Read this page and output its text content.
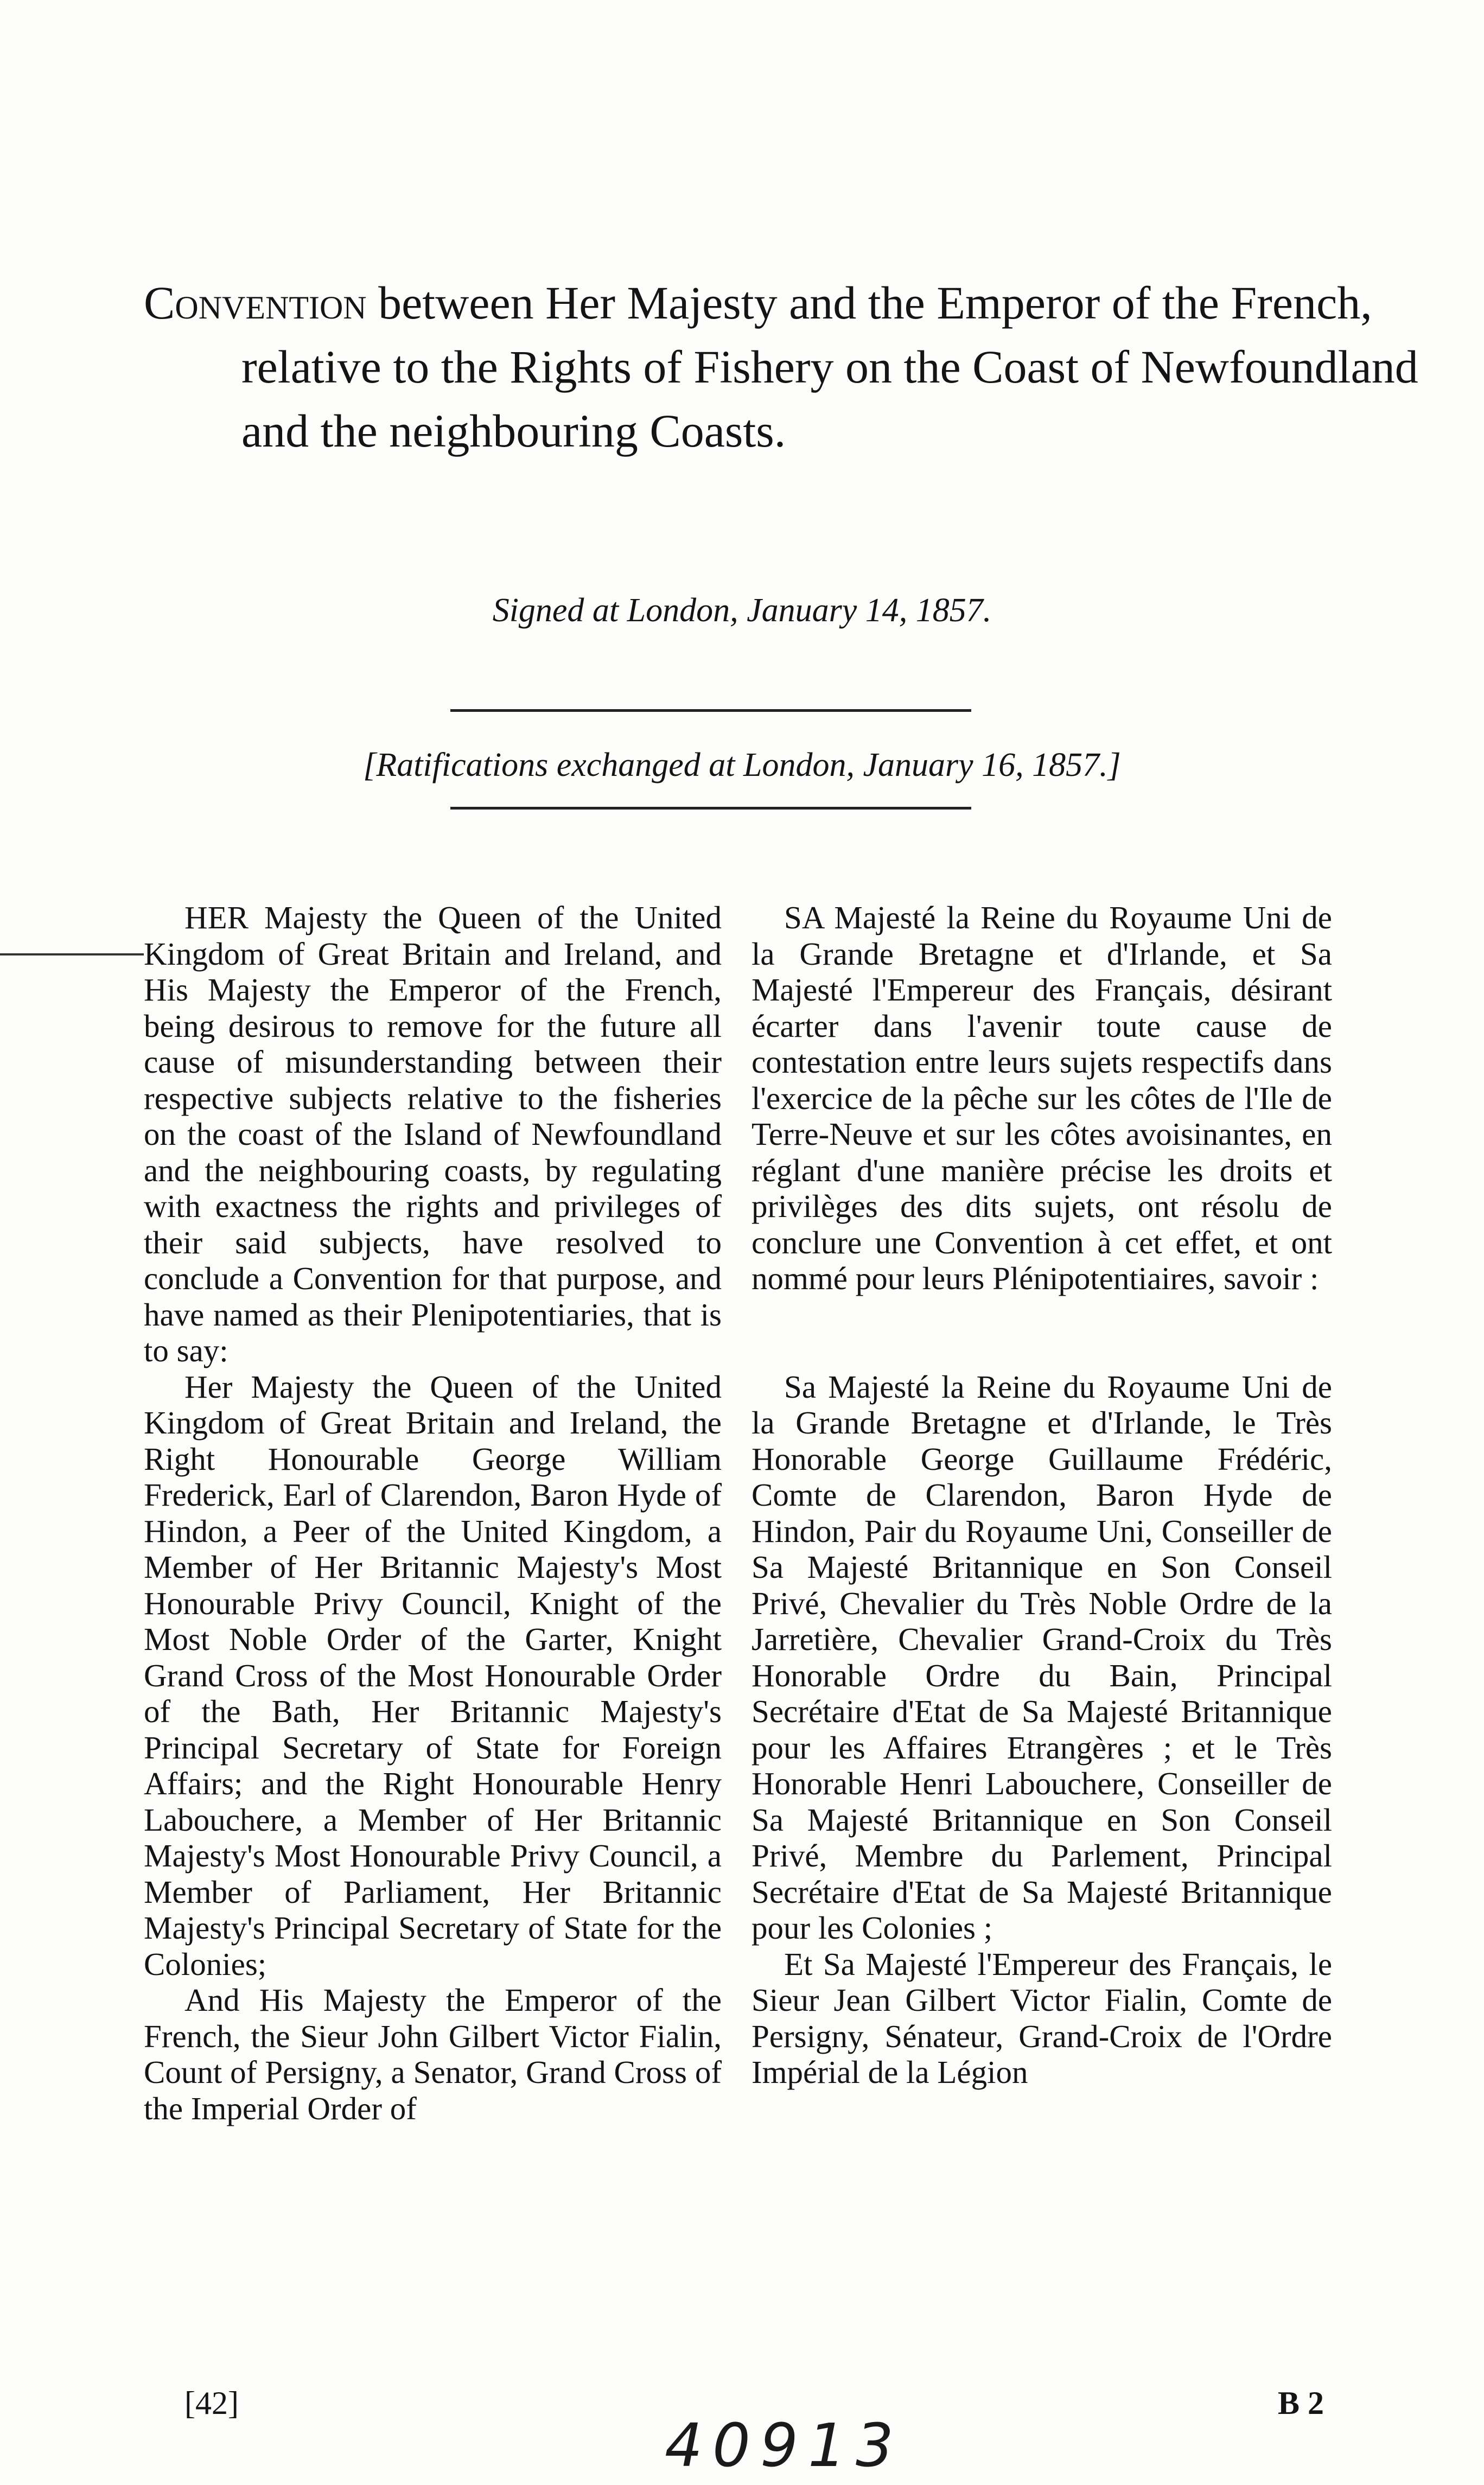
Convention between Her Majesty and the Emperor of the French, relative to the Rights of Fishery on the Coast of Newfoundland and the neighbouring Coasts.
Signed at London, January 14, 1857.
[Ratifications exchanged at London, January 16, 1857.]

HER Majesty the Queen of the United Kingdom of Great Britain and Ireland, and His Majesty the Emperor of the French, being desirous to remove for the future all cause of misunderstanding between their respective subjects relative to the fisheries on the coast of the Island of Newfoundland and the neighbouring coasts, by regulating with exactness the rights and privileges of their said subjects, have resolved to conclude a Convention for that purpose, and have named as their Plenipotentiaries, that is to say:

Her Majesty the Queen of the United Kingdom of Great Britain and Ireland, the Right Honourable George William Frederick, Earl of Clarendon, Baron Hyde of Hindon, a Peer of the United Kingdom, a Member of Her Britannic Majesty's Most Honourable Privy Council, Knight of the Most Noble Order of the Garter, Knight Grand Cross of the Most Honourable Order of the Bath, Her Britannic Majesty's Principal Secretary of State for Foreign Affairs; and the Right Honourable Henry Labouchere, a Member of Her Britannic Majesty's Most Honourable Privy Council, a Member of Parliament, Her Britannic Majesty's Principal Secretary of State for the Colonies;

And His Majesty the Emperor of the French, the Sieur John Gilbert Victor Fialin, Count of Persigny, a Senator, Grand Cross of the Imperial Order of

SA Majesté la Reine du Royaume Uni de la Grande Bretagne et d'Irlande, et Sa Majesté l'Empereur des Français, désirant écarter dans l'avenir toute cause de contestation entre leurs sujets respectifs dans l'exercice de la pêche sur les côtes de l'Ile de Terre-Neuve et sur les côtes avoisinantes, en réglant d'une manière précise les droits et privilèges des dits sujets, ont résolu de conclure une Convention à cet effet, et ont nommé pour leurs Plénipotentiaires, savoir :

Sa Majesté la Reine du Royaume Uni de la Grande Bretagne et d'Irlande, le Très Honorable George Guillaume Frédéric, Comte de Clarendon, Baron Hyde de Hindon, Pair du Royaume Uni, Conseiller de Sa Majesté Britannique en Son Conseil Privé, Chevalier du Très Noble Ordre de la Jarretière, Chevalier Grand-Croix du Très Honorable Ordre du Bain, Principal Secrétaire d'Etat de Sa Majesté Britannique pour les Affaires Etrangères ; et le Très Honorable Henri Labouchere, Conseiller de Sa Majesté Britannique en Son Conseil Privé, Membre du Parlement, Principal Secrétaire d'Etat de Sa Majesté Britannique pour les Colonies ;

Et Sa Majesté l'Empereur des Français, le Sieur Jean Gilbert Victor Fialin, Comte de Persigny, Sénateur, Grand-Croix de l'Ordre Impérial de la Légion

[42]	B 2
40913
